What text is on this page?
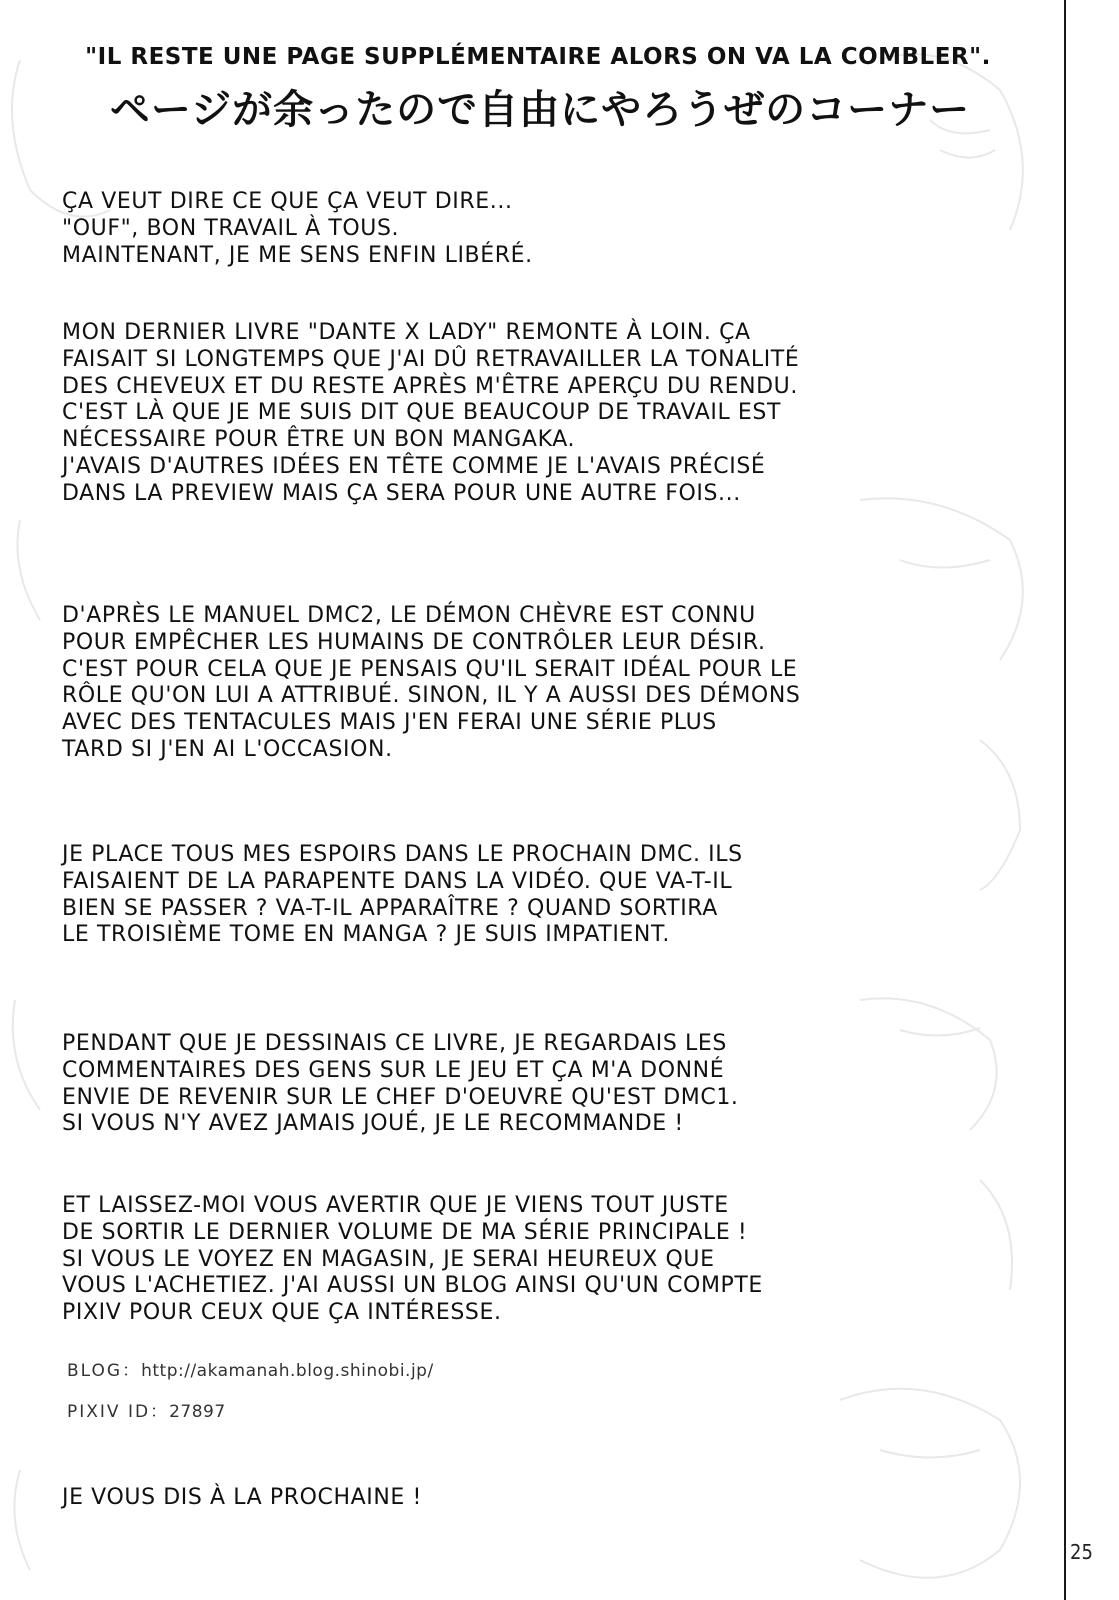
"IL RESTE UNE PAGE SUPPLÉMENTAIRE ALORS ON VA LA COMBLER".
ページが余ったので自由にやろうぜのコーナー
ÇA VEUT DIRE CE QUE ÇA VEUT DIRE...
"OUF", BON TRAVAIL À TOUS.
MAINTENANT, JE ME SENS ENFIN LIBÉRÉ.
MON DERNIER LIVRE "DANTE X LADY" REMONTE À LOIN. ÇA
FAISAIT SI LONGTEMPS QUE J'AI DÛ RETRAVAILLER LA TONALITÉ
DES CHEVEUX ET DU RESTE APRÈS M'ÊTRE APERÇU DU RENDU.
C'EST LÀ QUE JE ME SUIS DIT QUE BEAUCOUP DE TRAVAIL EST
NÉCESSAIRE POUR ÊTRE UN BON MANGAKA.
J'AVAIS D'AUTRES IDÉES EN TÊTE COMME JE L'AVAIS PRÉCISÉ
DANS LA PREVIEW MAIS ÇA SERA POUR UNE AUTRE FOIS...
D'APRÈS LE MANUEL DMC2, LE DÉMON CHÈVRE EST CONNU
POUR EMPÊCHER LES HUMAINS DE CONTRÔLER LEUR DÉSIR.
C'EST POUR CELA QUE JE PENSAIS QU'IL SERAIT IDÉAL POUR LE
RÔLE QU'ON LUI A ATTRIBUÉ. SINON, IL Y A AUSSI DES DÉMONS
AVEC DES TENTACULES MAIS J'EN FERAI UNE SÉRIE PLUS
TARD SI J'EN AI L'OCCASION.
JE PLACE TOUS MES ESPOIRS DANS LE PROCHAIN DMC. ILS
FAISAIENT DE LA PARAPENTE DANS LA VIDÉO. QUE VA-T-IL
BIEN SE PASSER ? VA-T-IL APPARAÎTRE ? QUAND SORTIRA
LE TROISIÈME TOME EN MANGA ? JE SUIS IMPATIENT.
PENDANT QUE JE DESSINAIS CE LIVRE, JE REGARDAIS LES
COMMENTAIRES DES GENS SUR LE JEU ET ÇA M'A DONNÉ
ENVIE DE REVENIR SUR LE CHEF D'OEUVRE QU'EST DMC1.
SI VOUS N'Y AVEZ JAMAIS JOUÉ, JE LE RECOMMANDE !
ET LAISSEZ-MOI VOUS AVERTIR QUE JE VIENS TOUT JUSTE
DE SORTIR LE DERNIER VOLUME DE MA SÉRIE PRINCIPALE !
SI VOUS LE VOYEZ EN MAGASIN, JE SERAI HEUREUX QUE
VOUS L'ACHETIEZ. J'AI AUSSI UN BLOG AINSI QU'UN COMPTE
PIXIV POUR CEUX QUE ÇA INTÉRESSE.
BLOG：http://akamanah.blog.shinobi.jp/
PIXIV ID：27897
JE VOUS DIS À LA PROCHAINE !
25
